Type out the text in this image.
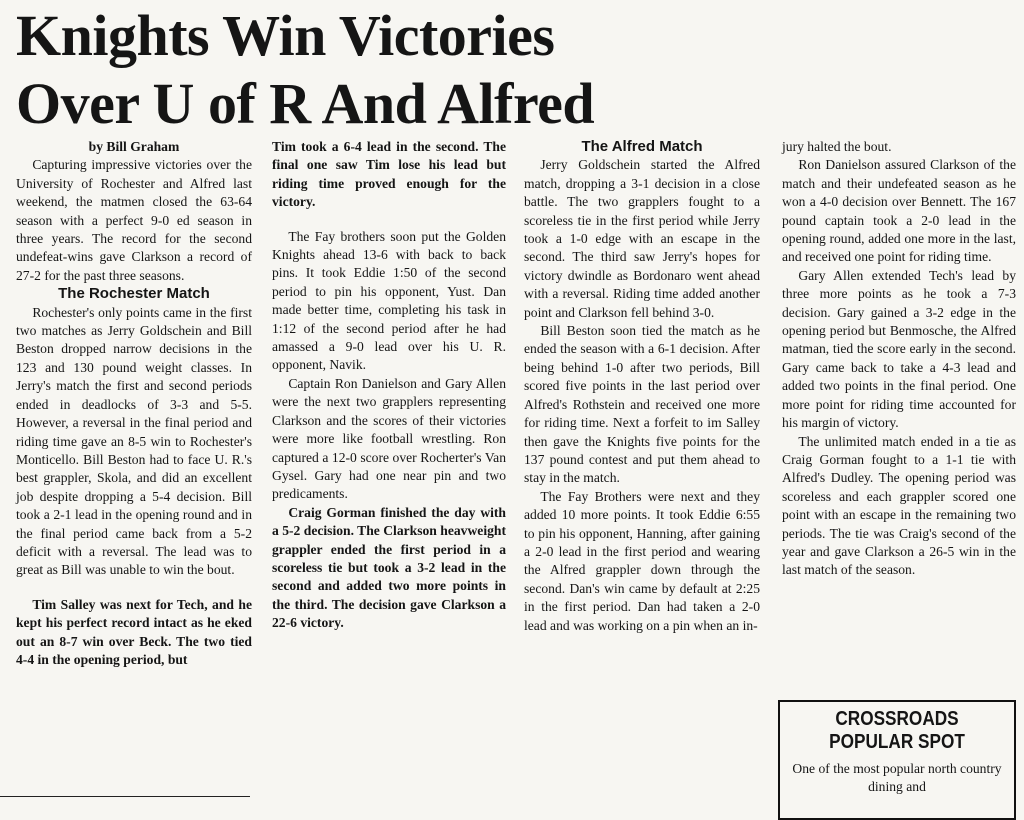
Knights Win Victories
Over U of R And Alfred

by Bill Graham

Capturing impressive victories over the University of Rochester and Alfred last weekend, the matmen closed the 63-64 season with a perfect 9-0 ed season in three years. The record for the second undefeat-wins gave Clarkson a record of 27-2 for the past three seasons.

The Rochester Match

Rochester's only points came in the first two matches as Jerry Goldschein and Bill Beston dropped narrow decisions in the 123 and 130 pound weight classes. In Jerry's match the first and second periods ended in deadlocks of 3-3 and 5-5. However, a reversal in the final period and riding time gave an 8-5 win to Rochester's Monticello. Bill Beston had to face U. R.'s best grappler, Skola, and did an excellent job despite dropping a 5-4 decision. Bill took a 2-1 lead in the opening round and in the final period came back from a 5-2 deficit with a reversal. The lead was to great as Bill was unable to win the bout.

Tim Salley was next for Tech, and he kept his perfect record intact as he eked out an 8-7 win over Beck. The two tied 4-4 in the opening period, but

Tim took a 6-4 lead in the second. The final one saw Tim lose his lead but riding time proved enough for the victory.

The Fay brothers soon put the Golden Knights ahead 13-6 with back to back pins. It took Eddie 1:50 of the second period to pin his opponent, Yust. Dan made better time, completing his task in 1:12 of the second period after he had amassed a 9-0 lead over his U. R. opponent, Navik.

Captain Ron Danielson and Gary Allen were the next two grapplers representing Clarkson and the scores of their victories were more like football wrestling. Ron captured a 12-0 score over Rocherter's Van Gysel. Gary had one near pin and two predicaments.

Craig Gorman finished the day with a 5-2 decision. The Clarkson heavweight grappler ended the first period in a scoreless tie but took a 3-2 lead in the second and added two more points in the third. The decision gave Clarkson a 22-6 victory.

The Alfred Match

Jerry Goldschein started the Alfred match, dropping a 3-1 decision in a close battle. The two grapplers fought to a scoreless tie in the first period while Jerry took a 1-0 edge with an escape in the second. The third saw Jerry's hopes for victory dwindle as Bordonaro went ahead with a reversal. Riding time added another point and Clarkson fell behind 3-0.

Bill Beston soon tied the match as he ended the season with a 6-1 decision. After being behind 1-0 after two periods, Bill scored five points in the last period over Alfred's Rothstein and received one more for riding time. Next a forfeit to im Salley then gave the Knights five points for the 137 pound contest and put them ahead to stay in the match.

The Fay Brothers were next and they added 10 more points. It took Eddie 6:55 to pin his opponent, Hanning, after gaining a 2-0 lead in the first period and wearing the Alfred grappler down through the second. Dan's win came by default at 2:25 in the first period. Dan had taken a 2-0 lead and was working on a pin when an in-

jury halted the bout.

Ron Danielson assured Clarkson of the match and their undefeated season as he won a 4-0 decision over Bennett. The 167 pound captain took a 2-0 lead in the opening round, added one more in the last, and received one point for riding time.

Gary Allen extended Tech's lead by three more points as he took a 7-3 decision. Gary gained a 3-2 edge in the opening period but Benmosche, the Alfred matman, tied the score early in the second. Gary came back to take a 4-3 lead and added two points in the final period. One more point for riding time accounted for his margin of victory.

The unlimited match ended in a tie as Craig Gorman fought to a 1-1 tie with Alfred's Dudley. The opening period was scoreless and each grappler scored one point with an escape in the remaining two periods. The tie was Craig's second of the year and gave Clarkson a 26-5 win in the last match of the season.

CROSSROADS
POPULAR SPOT
One of the most popular north country dining and
